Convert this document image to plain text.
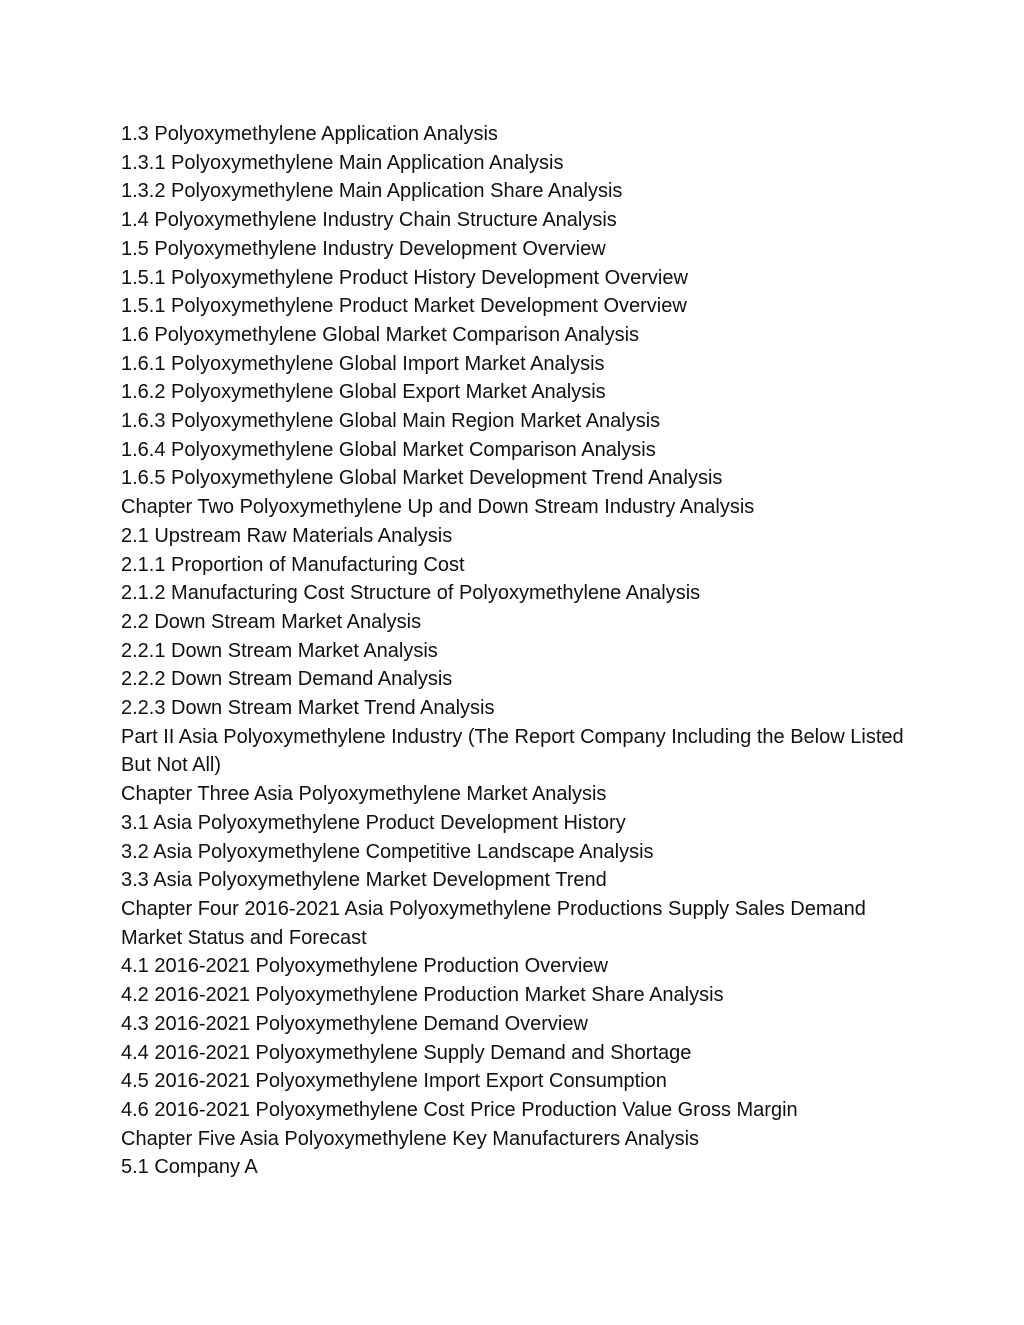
1.3 Polyoxymethylene Application Analysis
1.3.1 Polyoxymethylene Main Application Analysis
1.3.2 Polyoxymethylene Main Application Share Analysis
1.4 Polyoxymethylene Industry Chain Structure Analysis
1.5 Polyoxymethylene Industry Development Overview
1.5.1 Polyoxymethylene Product History Development Overview
1.5.1 Polyoxymethylene Product Market Development Overview
1.6 Polyoxymethylene Global Market Comparison Analysis
1.6.1 Polyoxymethylene Global Import Market Analysis
1.6.2 Polyoxymethylene Global Export Market Analysis
1.6.3 Polyoxymethylene Global Main Region Market Analysis
1.6.4 Polyoxymethylene Global Market Comparison Analysis
1.6.5 Polyoxymethylene Global Market Development Trend Analysis
Chapter Two Polyoxymethylene Up and Down Stream Industry Analysis
2.1 Upstream Raw Materials Analysis
2.1.1 Proportion of Manufacturing Cost
2.1.2 Manufacturing Cost Structure of Polyoxymethylene Analysis
2.2 Down Stream Market Analysis
2.2.1 Down Stream Market Analysis
2.2.2 Down Stream Demand Analysis
2.2.3 Down Stream Market Trend Analysis
Part II Asia Polyoxymethylene Industry (The Report Company Including the Below Listed But Not All)
Chapter Three Asia Polyoxymethylene Market Analysis
3.1 Asia Polyoxymethylene Product Development History
3.2 Asia Polyoxymethylene Competitive Landscape Analysis
3.3 Asia Polyoxymethylene Market Development Trend
Chapter Four 2016-2021 Asia Polyoxymethylene Productions Supply Sales Demand Market Status and Forecast
4.1 2016-2021 Polyoxymethylene Production Overview
4.2 2016-2021 Polyoxymethylene Production Market Share Analysis
4.3 2016-2021 Polyoxymethylene Demand Overview
4.4 2016-2021 Polyoxymethylene Supply Demand and Shortage
4.5 2016-2021 Polyoxymethylene Import Export Consumption
4.6 2016-2021 Polyoxymethylene Cost Price Production Value Gross Margin
Chapter Five Asia Polyoxymethylene Key Manufacturers Analysis
5.1 Company A
